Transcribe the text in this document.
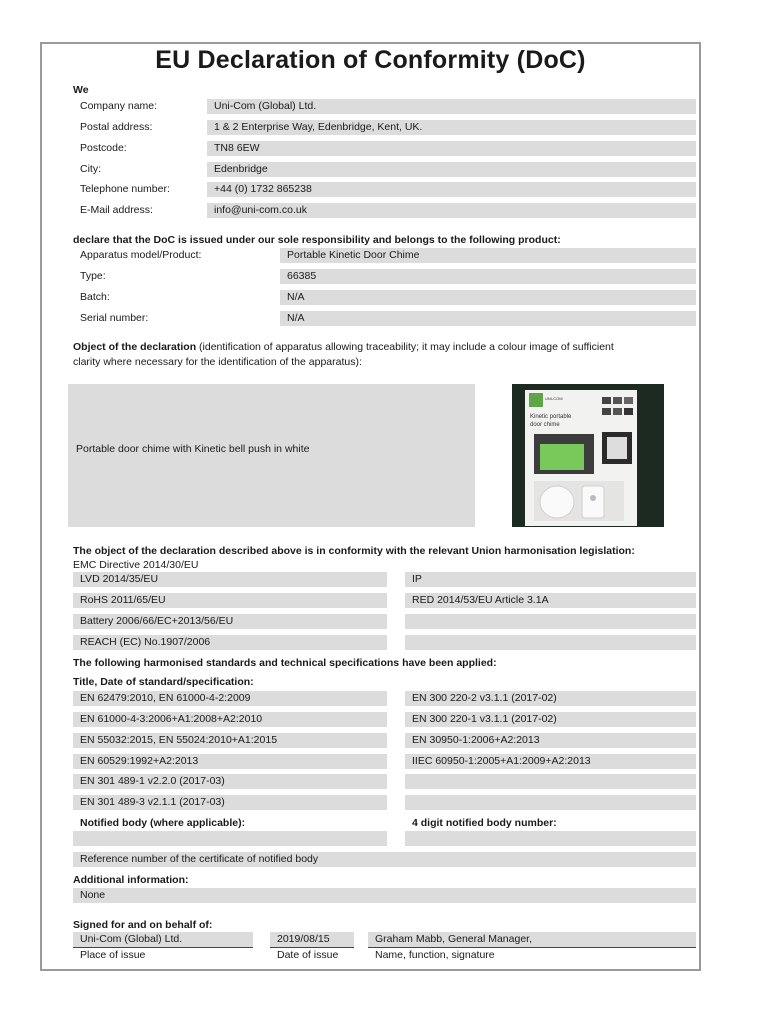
EU Declaration of Conformity (DoC)
We
Company name:	Uni-Com (Global) Ltd.
Postal address:	1 & 2 Enterprise Way, Edenbridge, Kent, UK.
Postcode:	TN8 6EW
City:	Edenbridge
Telephone number:	+44 (0) 1732 865238
E-Mail address:	info@uni-com.co.uk
declare that the DoC is issued under our sole responsibility and belongs to the following product:
Apparatus model/Product:	Portable Kinetic Door Chime
Type:	66385
Batch:	N/A
Serial number:	N/A
Object of the declaration (identification of apparatus allowing traceability; it may include a colour image of sufficient
clarity where necessary for the identification of the apparatus):
Portable door chime with Kinetic bell push in white
UNI-COM
Kinetic portable
door chime
The object of the declaration described above is in conformity with the relevant Union harmonisation legislation:
EMC Directive 2014/30/EU
LVD 2014/35/EU	IP
RoHS 2011/65/EU	RED 2014/53/EU Article 3.1A
Battery 2006/66/EC+2013/56/EU
REACH (EC) No.1907/2006
The following harmonised standards and technical specifications have been applied:
Title, Date of standard/specification:
EN 62479:2010, EN 61000-4-2:2009	EN 300 220-2 v3.1.1 (2017-02)
EN 61000-4-3:2006+A1:2008+A2:2010	EN 300 220-1 v3.1.1 (2017-02)
EN 55032:2015, EN 55024:2010+A1:2015	EN 30950-1:2006+A2:2013
EN 60529:1992+A2:2013	IIEC 60950-1:2005+A1:2009+A2:2013
EN 301 489-1 v2.2.0 (2017-03)
EN 301 489-3 v2.1.1 (2017-03)
Notified body (where applicable):	4 digit notified body number:
Reference number of the certificate of notified body
Additional information:
None
Signed for and on behalf of:
Uni-Com (Global) Ltd.	2019/08/15	Graham Mabb, General Manager,
Place of issue	Date of issue	Name, function, signature
